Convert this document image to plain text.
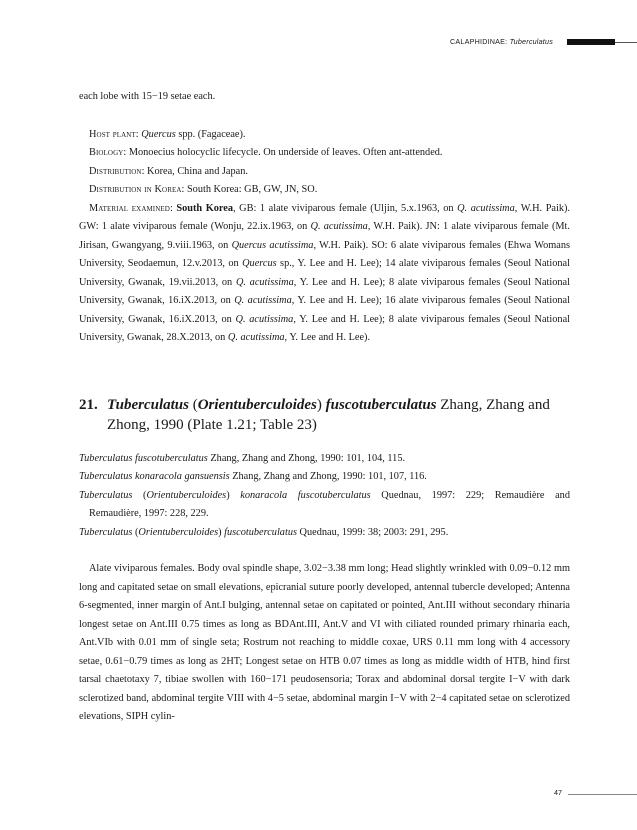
CALAPHIDINAE: Tuberculatus

each lobe with 15−19 setae each.

Host plant: Quercus spp. (Fagaceae).

Biology: Monoecius holocyclic lifecycle. On underside of leaves. Often ant-attended.

Distribution: Korea, China and Japan.

Distribution in Korea: South Korea: GB, GW, JN, SO.

Material examined: South Korea, GB: 1 alate viviparous female (Uljin, 5.x.1963, on Q. acutissima, W.H. Paik). GW: 1 alate viviparous female (Wonju, 22.ix.1963, on Q. acutissima, W.H. Paik). JN: 1 alate viviparous female (Mt. Jirisan, Gwangyang, 9.viii.1963, on Quercus acutissima, W.H. Paik). SO: 6 alate viviparous females (Ehwa Womans University, Seodaemun, 12.v.2013, on Quercus sp., Y. Lee and H. Lee); 14 alate viviparous females (Seoul National University, Gwanak, 19.vii.2013, on Q. acutissima, Y. Lee and H. Lee); 8 alate viviparous females (Seoul National University, Gwanak, 16.iX.2013, on Q. acutissima, Y. Lee and H. Lee); 16 alate viviparous females (Seoul National University, Gwanak, 16.iX.2013, on Q. acutissima, Y. Lee and H. Lee); 8 alate viviparous females (Seoul National University, Gwanak, 28.X.2013, on Q. acutissima, Y. Lee and H. Lee).

21. Tuberculatus (Orientuberculoides) fuscotuberculatus Zhang, Zhang and
Zhong, 1990 (Plate 1.21; Table 23)

Tuberculatus fuscotuberculatus Zhang, Zhang and Zhong, 1990: 101, 104, 115.

Tuberculatus konaracola gansuensis Zhang, Zhang and Zhong, 1990: 101, 107, 116.

Tuberculatus (Orientuberculoides) konaracola fuscotuberculatus Quednau, 1997: 229; Remaudière and

Remaudière, 1997: 228, 229.

Tuberculatus (Orientuberculoides) fuscotuberculatus Quednau, 1999: 38; 2003: 291, 295.

Alate viviparous females. Body oval spindle shape, 3.02−3.38 mm long; Head slightly wrinkled with 0.09−0.12 mm long and capitated setae on small elevations, epicranial suture poorly developed, antennal tubercle developed; Antenna 6-segmented, inner margin of Ant.I bulging, antennal setae on capitated or pointed, Ant.III without secondary rhinaria longest setae on Ant.III 0.75 times as long as BDAnt.III, Ant.V and VI with ciliated rounded primary rhinaria each, Ant.VIb with 0.01 mm of single seta; Rostrum not reaching to middle coxae, URS 0.11 mm long with 4 accessory setae, 0.61−0.79 times as long as 2HT; Longest setae on HTB 0.07 times as long as middle width of HTB, hind first tarsal chaetotaxy 7, tibiae swollen with 160−171 peudosensoria; Torax and abdominal dorsal tergite I−V with dark sclerotized band, abdominal tergite VIII with 4−5 setae, abdominal margin I−V with 2−4 capitated setae on sclerotized elevations, SIPH cylin-

47
